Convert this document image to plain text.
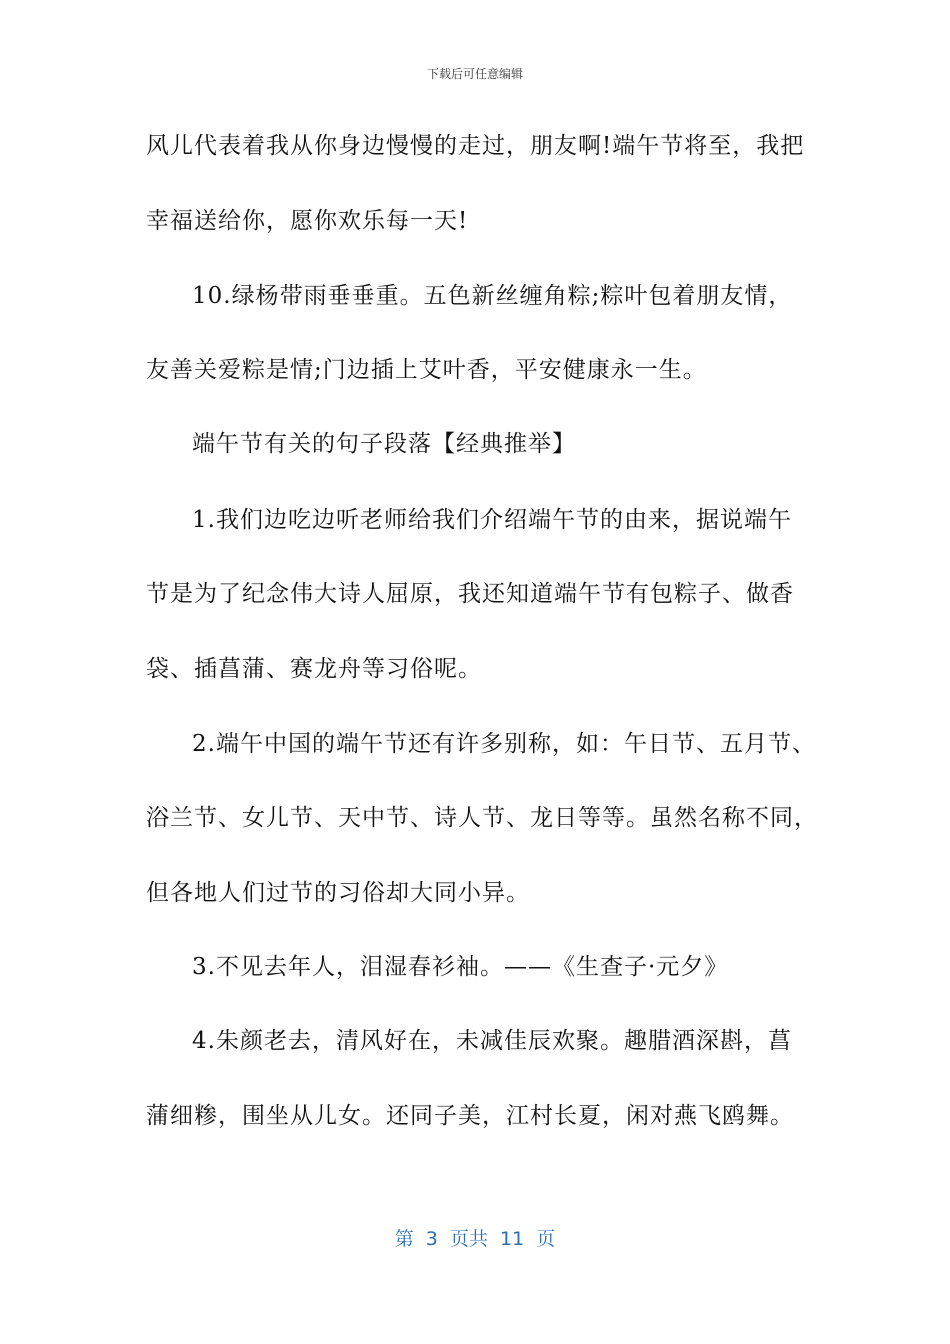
下载后可任意编辑
风儿代表着我从你身边慢慢的走过，朋友啊!端午节将至，我把
幸福送给你，愿你欢乐每一天!
10.绿杨带雨垂垂重。五色新丝缠角粽;粽叶包着朋友情，
友善关爱粽是情;门边插上艾叶香，平安健康永一生。
端午节有关的句子段落【经典推举】
1.我们边吃边听老师给我们介绍端午节的由来，据说端午
节是为了纪念伟大诗人屈原，我还知道端午节有包粽子、做香
袋、插菖蒲、赛龙舟等习俗呢。
2.端午中国的端午节还有许多别称，如：午日节、五月节、
浴兰节、女儿节、天中节、诗人节、龙日等等。虽然名称不同，
但各地人们过节的习俗却大同小异。
3.不见去年人，泪湿春衫袖。——《生查子·元夕》
4.朱颜老去，清风好在，未减佳辰欢聚。趣腊酒深斟，菖
蒲细糁，围坐从儿女。还同子美，江村长夏，闲对燕飞鸥舞。
第  3  页共  11  页
